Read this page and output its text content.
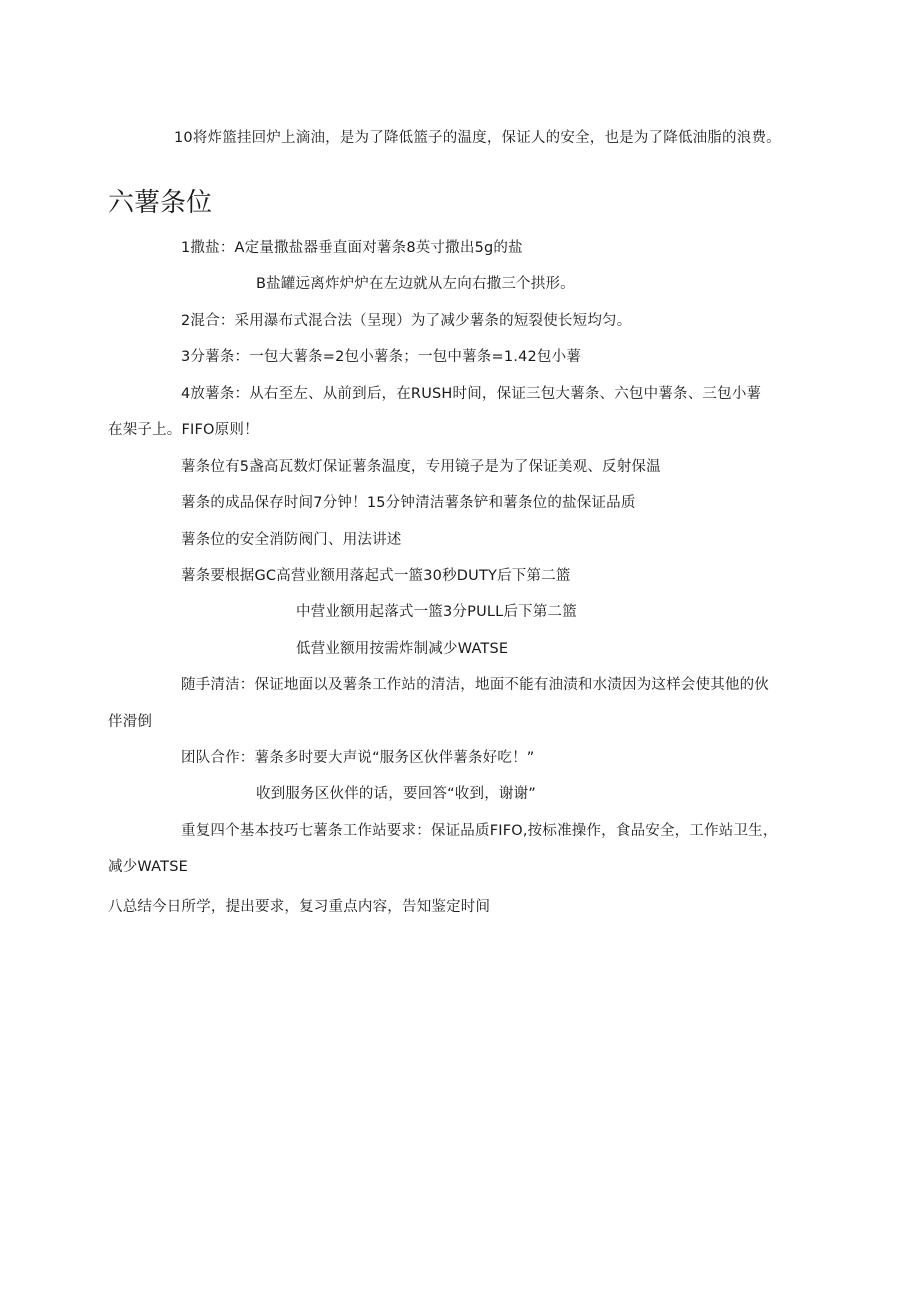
10将炸篮挂回炉上滴油，是为了降低篮子的温度，保证人的安全，也是为了降低油脂的浪费。
六薯条位
1撒盐：A定量撒盐器垂直面对薯条8英寸撒出5g的盐
B盐罐远离炸炉炉在左边就从左向右撒三个拱形。
2混合：采用瀑布式混合法（呈现）为了减少薯条的短裂使长短均匀。
3分薯条：一包大薯条=2包小薯条；一包中薯条=1.42包小薯
4放薯条：从右至左、从前到后，在RUSH时间，保证三包大薯条、六包中薯条、三包小薯
在架子上。FIFO原则！
薯条位有5盏高瓦数灯保证薯条温度，专用镜子是为了保证美观、反射保温
薯条的成品保存时间7分钟！15分钟清洁薯条铲和薯条位的盐保证品质
薯条位的安全消防阀门、用法讲述
薯条要根据GC高营业额用落起式一篮30秒DUTY后下第二篮
中营业额用起落式一篮3分PULL后下第二篮
低营业额用按需炸制减少WATSE
随手清洁：保证地面以及薯条工作站的清洁，地面不能有油渍和水渍因为这样会使其他的伙
伴滑倒
团队合作：薯条多时要大声说“服务区伙伴薯条好吃！”
收到服务区伙伴的话，要回答“收到，谢谢”
重复四个基本技巧七薯条工作站要求：保证品质FIFO,按标准操作，食品安全，工作站卫生，
减少WATSE
八总结今日所学，提出要求，复习重点内容，告知鉴定时间
